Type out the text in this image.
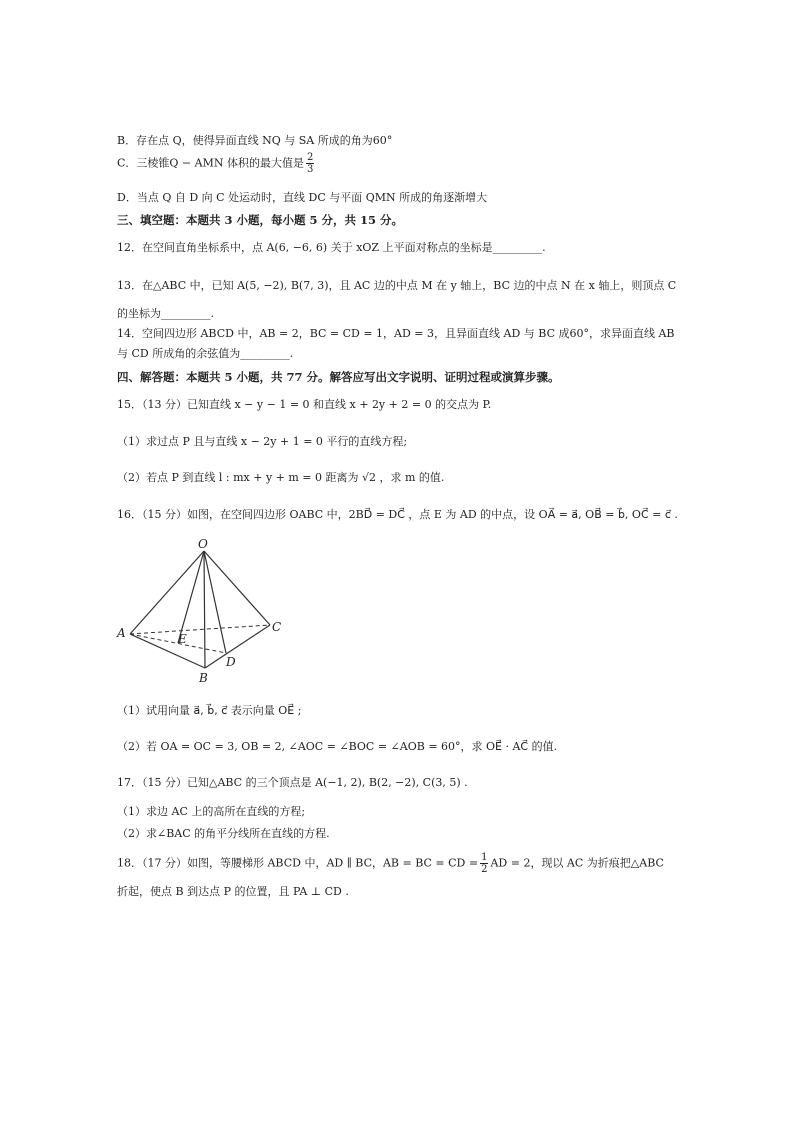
B．存在点 Q，使得异面直线 NQ 与 SA 所成的角为60°
C．三棱锥Q − AMN 体积的最大值是 $\frac{2}{3}$
D．当点 Q 自 D 向 C 处运动时，直线 DC 与平面 QMN 所成的角逐渐增大
三、填空题：本题共 3 小题，每小题 5 分，共 15 分。
12．在空间直角坐标系中，点 A(6, −6, 6) 关于 xOZ 上平面对称点的坐标是_________.
13．在△ABC 中，已知 A(5, −2), B(7, 3)，且 AC 边的中点 M 在 y 轴上，BC 边的中点 N 在 x 轴上，则顶点 C
的坐标为_________.
14．空间四边形 ABCD 中，AB = 2，BC = CD = 1，AD = 3，且异面直线 AD 与 BC 成60°，求异面直线 AB
与 CD 所成角的余弦值为_________.
四、解答题：本题共 5 小题，共 77 分。解答应写出文字说明、证明过程或演算步骤。
15．（13 分）已知直线 x − y − 1 = 0 和直线 x + 2y + 2 = 0 的交点为 P.
（1）求过点 P 且与直线 x − 2y + 1 = 0 平行的直线方程;
（2）若点 P 到直线 l : mx + y + m = 0 距离为 √2 ，求 m 的值.
16．（15 分）如图，在空间四边形 OABC 中，2BD⃗ = DC⃗ ，点 E 为 AD 的中点，设 OA⃗ = a⃗, OB⃗ = b⃗, OC⃗ = c⃗ .
O
A
B
C
D
E
（1）试用向量 a⃗, b⃗, c⃗ 表示向量 OE⃗ ;
（2）若 OA = OC = 3, OB = 2, ∠AOC = ∠BOC = ∠AOB = 60°，求 OE⃗ · AC⃗ 的值.
17．（15 分）已知△ABC 的三个顶点是 A(−1, 2), B(2, −2), C(3, 5) .
（1）求边 AC 上的高所在直线的方程;
（2）求∠BAC 的角平分线所在直线的方程.
18．（17 分）如图，等腰梯形 ABCD 中，AD ∥ BC，AB = BC = CD = $\frac{1}{2}$ AD = 2，现以 AC 为折痕把△ABC
折起，使点 B 到达点 P 的位置，且 PA ⊥ CD .
